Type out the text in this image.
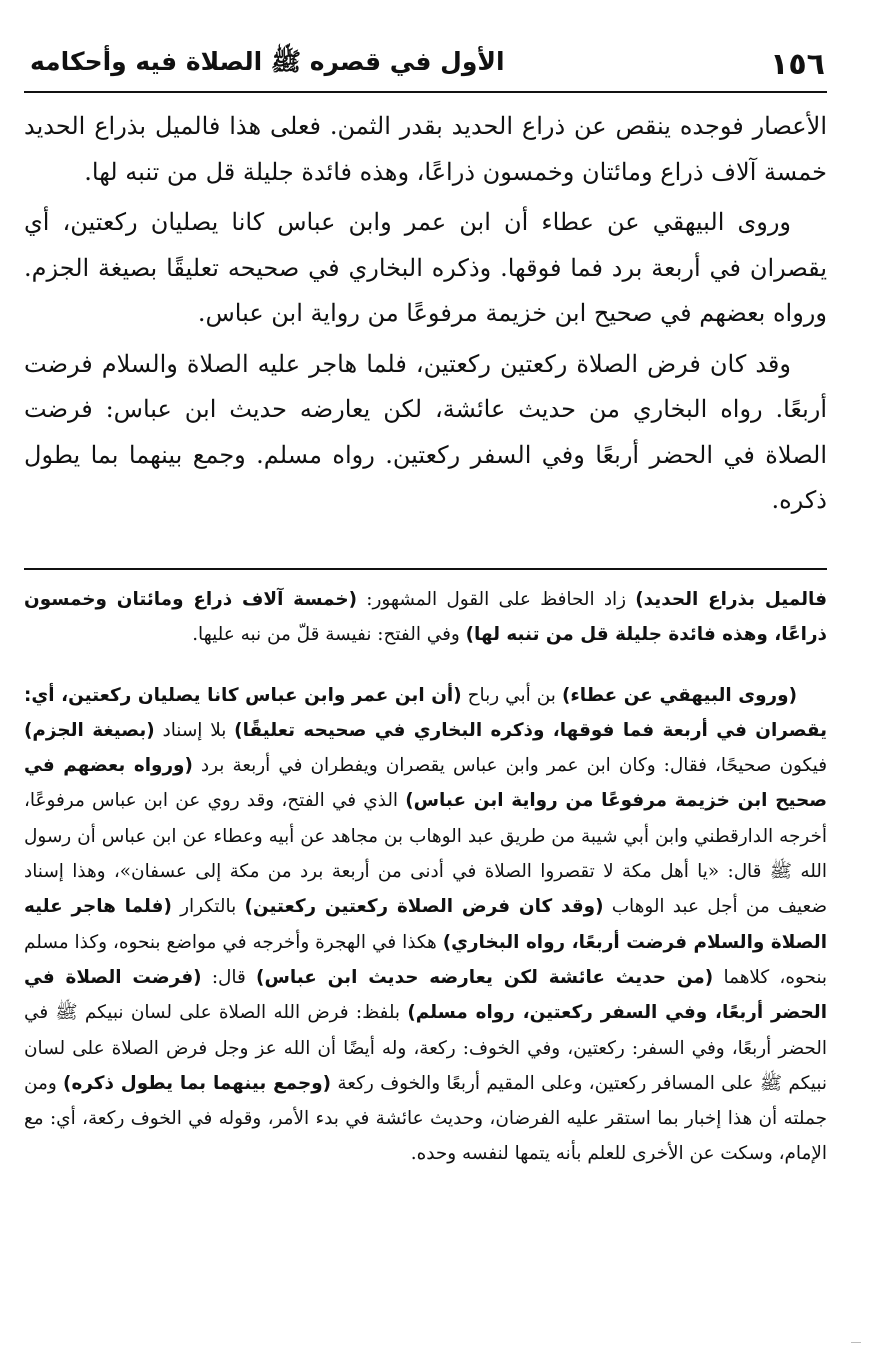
١٥٦
الأول في قصره ﷺ الصلاة فيه وأحكامه

الأعصار فوجده ينقص عن ذراع الحديد بقدر الثمن. فعلى هذا فالميل بذراع الحديد خمسة آلاف ذراع ومائتان وخمسون ذراعًا، وهذه فائدة جليلة قل من تنبه لها.

وروى البيهقي عن عطاء أن ابن عمر وابن عباس كانا يصليان ركعتين، أي يقصران في أربعة برد فما فوقها. وذكره البخاري في صحيحه تعليقًا بصيغة الجزم. ورواه بعضهم في صحيح ابن خزيمة مرفوعًا من رواية ابن عباس.

وقد كان فرض الصلاة ركعتين ركعتين، فلما هاجر عليه الصلاة والسلام فرضت أربعًا. رواه البخاري من حديث عائشة، لكن يعارضه حديث ابن عباس: فرضت الصلاة في الحضر أربعًا وفي السفر ركعتين. رواه مسلم. وجمع بينهما بما يطول ذكره.

فالميل بذراع الحديد) زاد الحافظ على القول المشهور: (خمسة آلاف ذراع ومائتان وخمسون ذراعًا، وهذه فائدة جليلة قل من تنبه لها) وفي الفتح: نفيسة قلّ من نبه عليها.

(وروى البيهقي عن عطاء) بن أبي رباح (أن ابن عمر وابن عباس كانا يصليان ركعتين، أي: يقصران في أربعة فما فوقها، وذكره البخاري في صحيحه تعليقًا) بلا إسناد (بصيغة الجزم) فيكون صحيحًا، فقال: وكان ابن عمر وابن عباس يقصران ويفطران في أربعة برد (ورواه بعضهم في صحيح ابن خزيمة مرفوعًا من رواية ابن عباس) الذي في الفتح، وقد روي عن ابن عباس مرفوعًا، أخرجه الدارقطني وابن أبي شيبة من طريق عبد الوهاب بن مجاهد عن أبيه وعطاء عن ابن عباس أن رسول الله ﷺ قال: «يا أهل مكة لا تقصروا الصلاة في أدنى من أربعة برد من مكة إلى عسفان»، وهذا إسناد ضعيف من أجل عبد الوهاب (وقد كان فرض الصلاة ركعتين ركعتين) بالتكرار (فلما هاجر عليه الصلاة والسلام فرضت أربعًا، رواه البخاري) هكذا في الهجرة وأخرجه في مواضع بنحوه، وكذا مسلم بنحوه، كلاهما (من حديث عائشة لكن يعارضه حديث ابن عباس) قال: (فرضت الصلاة في الحضر أربعًا، وفي السفر ركعتين، رواه مسلم) بلفظ: فرض الله الصلاة على لسان نبيكم ﷺ في الحضر أربعًا، وفي السفر: ركعتين، وفي الخوف: ركعة، وله أيضًا أن الله عز وجل فرض الصلاة على لسان نبيكم ﷺ على المسافر ركعتين، وعلى المقيم أربعًا والخوف ركعة (وجمع بينهما بما يطول ذكره) ومن جملته أن هذا إخبار بما استقر عليه الفرضان، وحديث عائشة في بدء الأمر، وقوله في الخوف ركعة، أي: مع الإمام، وسكت عن الأخرى للعلم بأنه يتمها لنفسه وحده.
